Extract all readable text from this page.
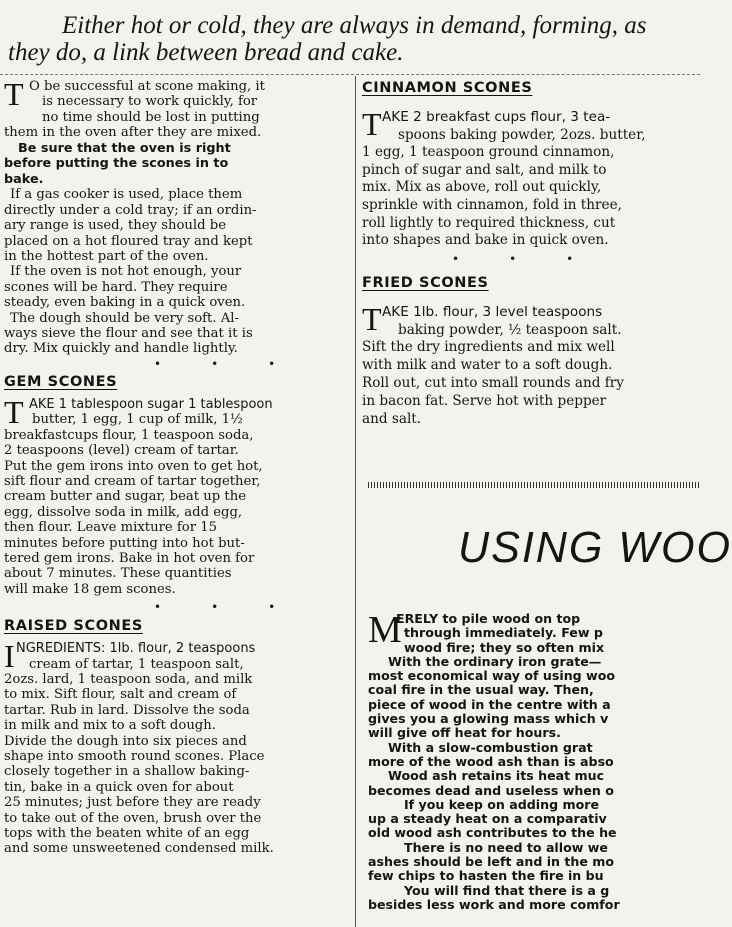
Either hot or cold, they are always in demand, forming, as
they do, a link between bread and cake.
T O be successful at scone making, it

is necessary to work quickly, for

no time should be lost in putting

them in the oven after they are mixed.

Be sure that the oven is right

before putting the scones in to

bake.

If a gas cooker is used, place them

directly under a cold tray; if an ordin-

ary range is used, they should be

placed on a hot floured tray and kept

in the hottest part of the oven.

If the oven is not hot enough, your

scones will be hard. They require

steady, even baking in a quick oven.

The dough should be very soft. Al-

ways sieve the flour and see that it is

dry. Mix quickly and handle lightly.

•••
GEM SCONES
T AKE 1 tablespoon sugar 1 tablespoon

butter, 1 egg, 1 cup of milk, 1½

breakfastcups flour, 1 teaspoon soda,

2 teaspoons (level) cream of tartar.

Put the gem irons into oven to get hot,

sift flour and cream of tartar together,

cream butter and sugar, beat up the

egg, dissolve soda in milk, add egg,

then flour. Leave mixture for 15

minutes before putting into hot but-

tered gem irons. Bake in hot oven for

about 7 minutes. These quantities

will make 18 gem scones.

•••
RAISED SCONES
I NGREDIENTS: 1lb. flour, 2 teaspoons

cream of tartar, 1 teaspoon salt,

2ozs. lard, 1 teaspoon soda, and milk

to mix. Sift flour, salt and cream of

tartar. Rub in lard. Dissolve the soda

in milk and mix to a soft dough.

Divide the dough into six pieces and

shape into smooth round scones. Place

closely together in a shallow baking-

tin, bake in a quick oven for about

25 minutes; just before they are ready

to take out of the oven, brush over the

tops with the beaten white of an egg

and some unsweetened condensed milk.

CINNAMON SCONES
T AKE 2 breakfast cups flour, 3 tea-

spoons baking powder, 2ozs. butter,

1 egg, 1 teaspoon ground cinnamon,

pinch of sugar and salt, and milk to

mix. Mix as above, roll out quickly,

sprinkle with cinnamon, fold in three,

roll lightly to required thickness, cut

into shapes and bake in quick oven.

•••
FRIED SCONES
T AKE 1lb. flour, 3 level teaspoons

baking powder, ½ teaspoon salt.

Sift the dry ingredients and mix well

with milk and water to a soft dough.

Roll out, cut into small rounds and fry

in bacon fat. Serve hot with pepper

and salt.

USING WOO
M

ERELY to pile wood on top

through immediately. Few p

wood fire; they so often mix

With the ordinary iron grate—

most economical way of using woo

coal fire in the usual way. Then,

piece of wood in the centre with a

gives you a glowing mass which v

will give off heat for hours.

With a slow-combustion grat

more of the wood ash than is abso

Wood ash retains its heat muc

becomes dead and useless when o

If you keep on adding more

up a steady heat on a comparativ

old wood ash contributes to the he

There is no need to allow we

ashes should be left and in the mo

few chips to hasten the fire in bu

You will find that there is a g

besides less work and more comfor
